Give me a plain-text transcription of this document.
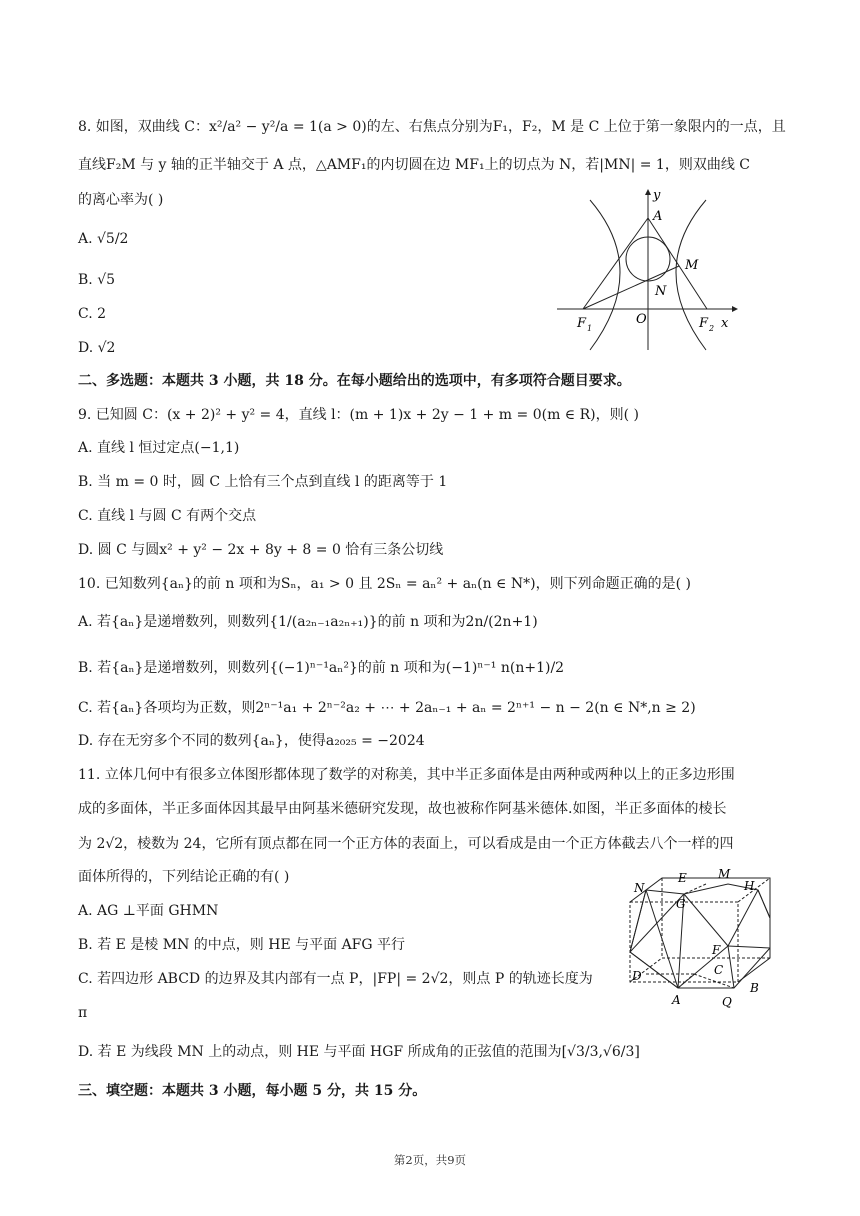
8. 如图，双曲线 C：x²/a² − y²/a = 1(a > 0)的左、右焦点分别为F₁，F₂，M 是 C 上位于第一象限内的一点，且
直线F₂M 与 y 轴的正半轴交于 A 点，△AMF₁的内切圆在边 MF₁上的切点为 N，若|MN| = 1，则双曲线 C
的离心率为( )
A. √5/2
B. √5
C. 2
D. √2
二、多选题：本题共 3 小题，共 18 分。在每小题给出的选项中，有多项符合题目要求。
9. 已知圆 C：(x + 2)² + y² = 4，直线 l：(m + 1)x + 2y − 1 + m = 0(m ∈ R)，则( )
A. 直线 l 恒过定点(−1,1)
B. 当 m = 0 时，圆 C 上恰有三个点到直线 l 的距离等于 1
C. 直线 l 与圆 C 有两个交点
D. 圆 C 与圆x² + y² − 2x + 8y + 8 = 0 恰有三条公切线
10. 已知数列{aₙ}的前 n 项和为Sₙ，a₁ > 0 且 2Sₙ = aₙ² + aₙ(n ∈ N*)，则下列命题正确的是( )
A. 若{aₙ}是递增数列，则数列{1/(a₂ₙ₋₁a₂ₙ₊₁)}的前 n 项和为2n/(2n+1)
B. 若{aₙ}是递增数列，则数列{(−1)ⁿ⁻¹aₙ²}的前 n 项和为(−1)ⁿ⁻¹ n(n+1)/2
C. 若{aₙ}各项均为正数，则2ⁿ⁻¹a₁ + 2ⁿ⁻²a₂ + ⋯ + 2aₙ₋₁ + aₙ = 2ⁿ⁺¹ − n − 2(n ∈ N*,n ≥ 2)
D. 存在无穷多个不同的数列{aₙ}，使得a₂₀₂₅ = −2024
11. 立体几何中有很多立体图形都体现了数学的对称美，其中半正多面体是由两种或两种以上的正多边形围
成的多面体，半正多面体因其最早由阿基米德研究发现，故也被称作阿基米德体.如图，半正多面体的棱长
为 2√2，棱数为 24，它所有顶点都在同一个正方体的表面上，可以看成是由一个正方体截去八个一样的四
面体所得的，下列结论正确的有( )
A. AG ⊥平面 GHMN
B. 若 E 是棱 MN 的中点，则 HE 与平面 AFG 平行
C. 若四边形 ABCD 的边界及其内部有一点 P，|FP| = 2√2，则点 P 的轨迹长度为
π
D. 若 E 为线段 MN 上的动点，则 HE 与平面 HGF 所成角的正弦值的范围为[√3/3,√6/3]
三、填空题：本题共 3 小题，每小题 5 分，共 15 分。
第2页，共9页
y
A
M
N
F 1
O	F 2 x
N
E	M
H
G
F
C
D
B
A	Q
